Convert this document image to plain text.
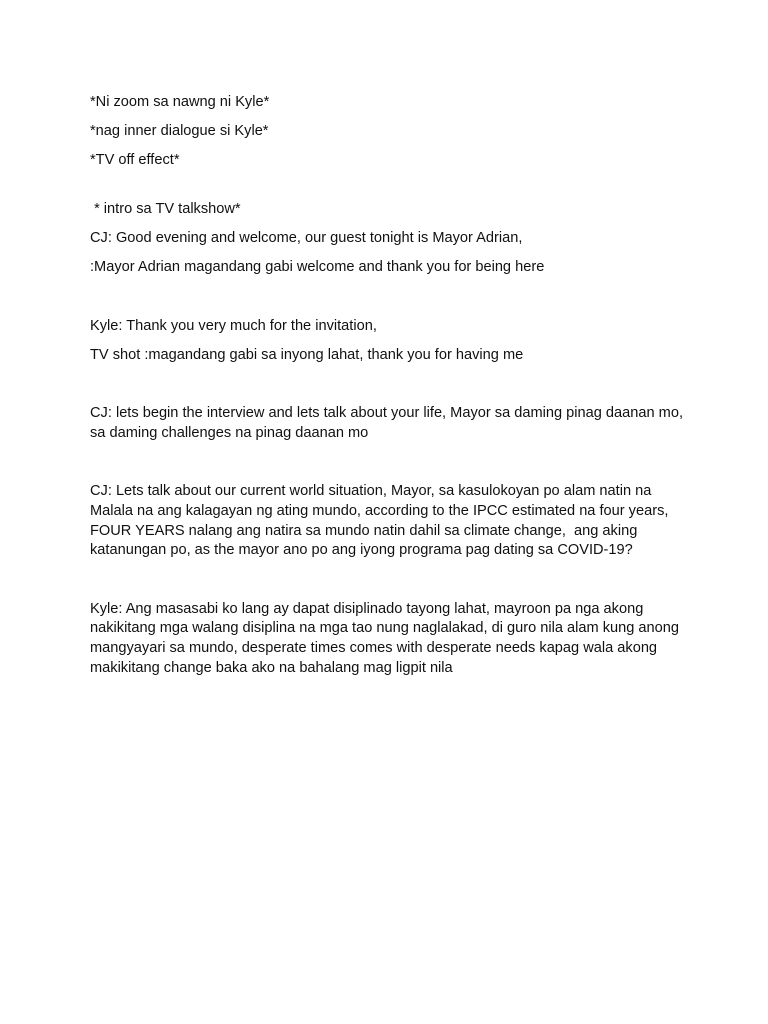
*Ni zoom sa nawng ni Kyle*

*nag inner dialogue si Kyle*

*TV off effect*

* intro sa TV talkshow*

CJ: Good evening and welcome, our guest tonight is Mayor Adrian,

:Mayor Adrian magandang gabi welcome and thank you for being here

Kyle: Thank you very much for the invitation,

TV shot :magandang gabi sa inyong lahat, thank you for having me

CJ: lets begin the interview and lets talk about your life, Mayor sa daming pinag daanan mo, sa daming challenges na pinag daanan mo

CJ: Lets talk about our current world situation, Mayor, sa kasulokoyan po alam natin na Malala na ang kalagayan ng ating mundo, according to the IPCC estimated na four years, FOUR YEARS nalang ang natira sa mundo natin dahil sa climate change,  ang aking katanungan po, as the mayor ano po ang iyong programa pag dating sa COVID-19?

Kyle: Ang masasabi ko lang ay dapat disiplinado tayong lahat, mayroon pa nga akong nakikitang mga walang disiplina na mga tao nung naglalakad, di guro nila alam kung anong mangyayari sa mundo, desperate times comes with desperate needs kapag wala akong makikitang change baka ako na bahalang mag ligpit nila
